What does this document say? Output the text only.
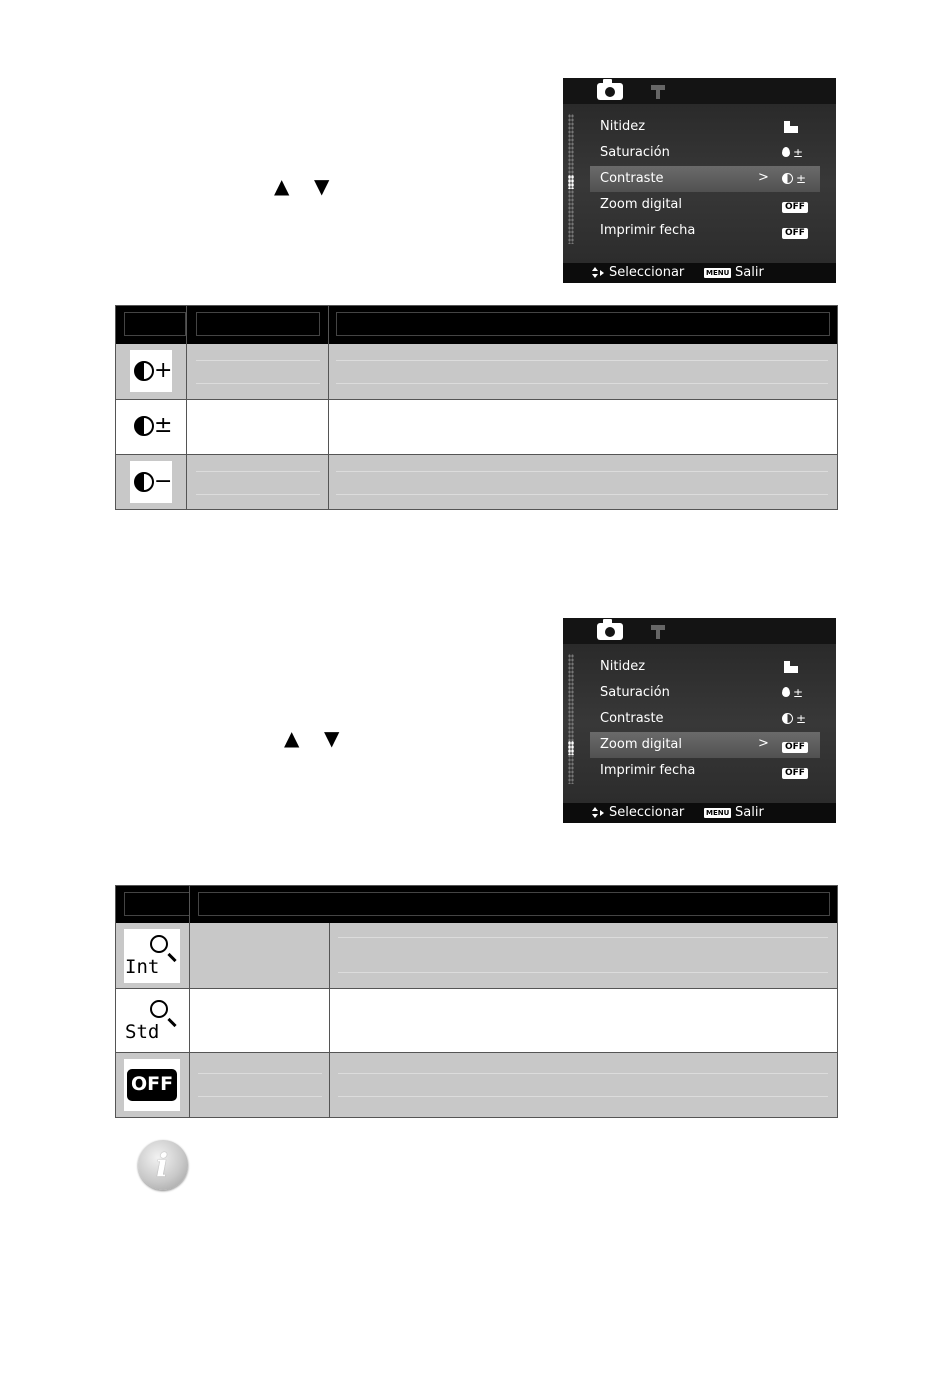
▲ ▼
Nitidez
Saturación	±
Contraste	>	±
Zoom digital	OFF
Imprimir fecha	OFF
Seleccionar	MENU Salir
+
±
−
▲ ▼
Nitidez
Saturación	±
Contraste	±
Zoom digital	>	OFF
Imprimir fecha	OFF
Seleccionar	MENU Salir
Int
Std
OFF
i
